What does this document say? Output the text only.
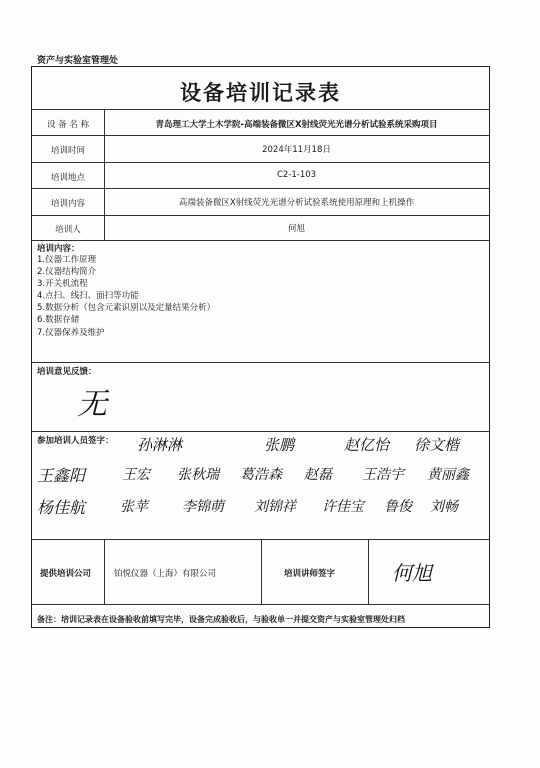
资产与实验室管理处
设备培训记录表
设 备 名 称	青岛理工大学土木学院-高端装备微区X射线荧光光谱分析试验系统采购项目
培训时间	2024年11月18日
培训地点	C2-1-103
培训内容	高端装备微区X射线荧光光谱分析试验系统使用原理和上机操作
培训人	何旭
培训内容：
1.仪器工作原理
2.仪器结构简介
3.开关机流程
4.点扫、线扫、面扫等功能
5.数据分析（包含元素识别以及定量结果分析）
6.数据存储
7.仪器保养及维护
培训意见反馈：
无
参加培训人员签字： 孙淋淋	张鹏	赵亿怡 徐文楷
王鑫阳	王宏 张秋瑞 葛浩森 赵磊 王浩宇 黄丽鑫
杨佳航 张苹 李锦萌 刘锦祥 许佳宝 鲁俊 刘畅
提供培训公司	铂悦仪器（上海）有限公司	培训讲师签字	何旭
备注：培训记录表在设备验收前填写完毕，设备完成验收后，与验收单一并提交资产与实验室管理处归档
